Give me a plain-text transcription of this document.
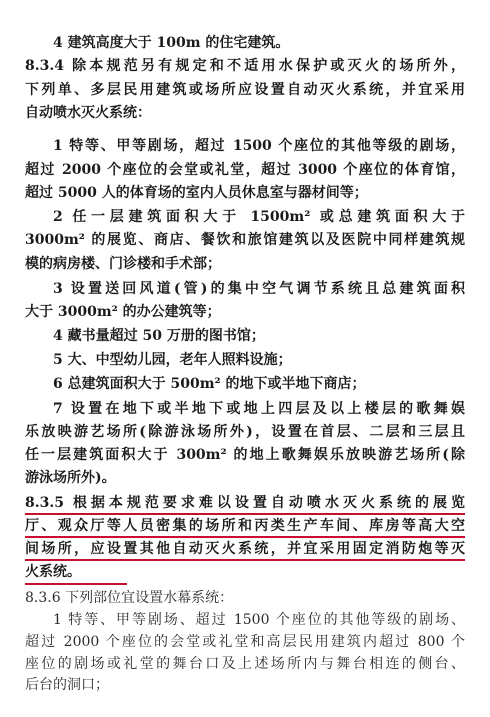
4 建筑高度大于 100m 的住宅建筑。
8.3.4 除本规范另有规定和不适用水保护或灭火的场所外，
下列单、多层民用建筑或场所应设置自动灭火系统，并宜采用
自动喷水灭火系统：
1 特等、甲等剧场，超过 1500 个座位的其他等级的剧场，
超过 2000 个座位的会堂或礼堂，超过 3000 个座位的体育馆，
超过 5000 人的体育场的室内人员休息室与器材间等；
2 任一层建筑面积大于 1500m² 或总建筑面积大于
3000m² 的展览、商店、餐饮和旅馆建筑以及医院中同样建筑规
模的病房楼、门诊楼和手术部；
3 设置送回风道(管)的集中空气调节系统且总建筑面积
大于 3000m² 的办公建筑等；
4 藏书量超过 50 万册的图书馆；
5 大、中型幼儿园，老年人照料设施；
6 总建筑面积大于 500m² 的地下或半地下商店；
7 设置在地下或半地下或地上四层及以上楼层的歌舞娱
乐放映游艺场所(除游泳场所外)，设置在首层、二层和三层且
任一层建筑面积大于 300m² 的地上歌舞娱乐放映游艺场所(除
游泳场所外)。
8.3.5 根据本规范要求难以设置自动喷水灭火系统的展览
厅、观众厅等人员密集的场所和丙类生产车间、库房等高大空
间场所，应设置其他自动灭火系统，并宜采用固定消防炮等灭
火系统。
8.3.6 下列部位宜设置水幕系统：
1 特等、甲等剧场、超过 1500 个座位的其他等级的剧场、
超过 2000 个座位的会堂或礼堂和高层民用建筑内超过 800 个
座位的剧场或礼堂的舞台口及上述场所内与舞台相连的侧台、
后台的洞口；
